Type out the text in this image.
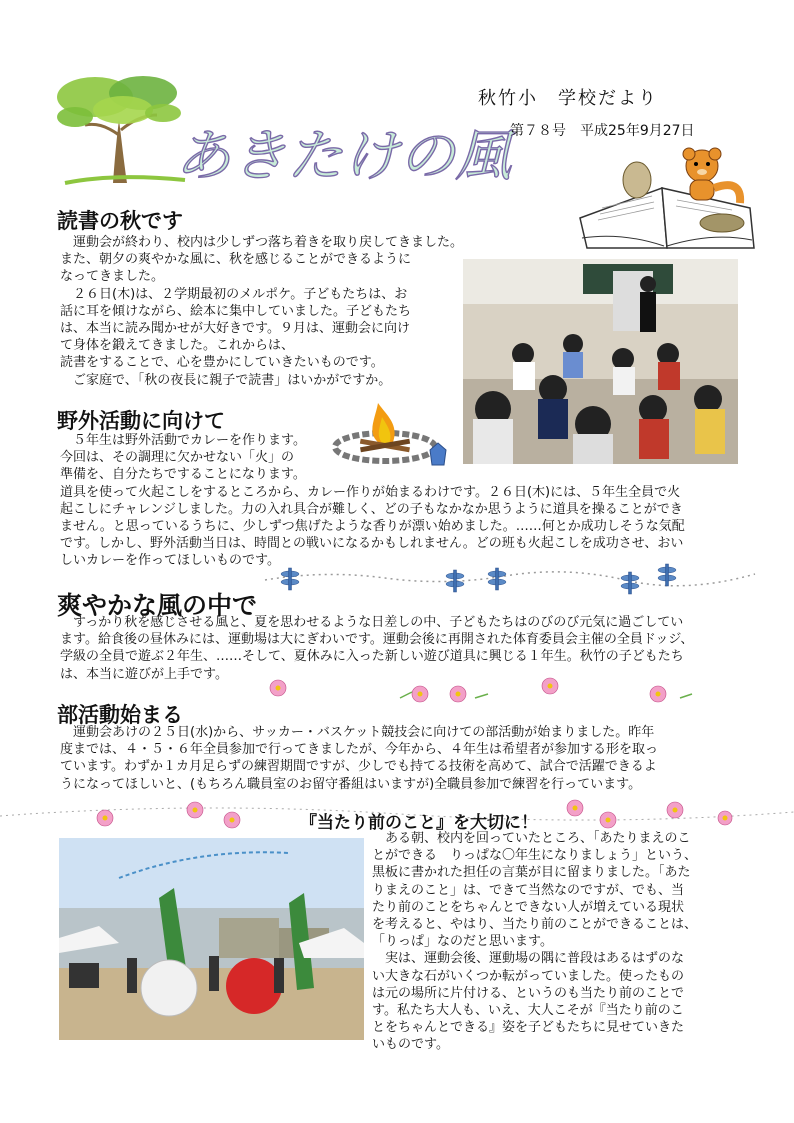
あきたけの風
秋竹小　学校だより
第７８号　平成25年9月27日
読書の秋です

　運動会が終わり、校内は少しずつ落ち着きを取り戻してきました。

また、朝夕の爽やかな風に、秋を感じることができるように

なってきました。

　２６日(木)は、２学期最初のメルポケ。子どもたちは、お

話に耳を傾けながら、絵本に集中していました。子どもたち

は、本当に読み聞かせが大好きです。９月は、運動会に向け

て身体を鍛えてきました。これからは、

読書をすることで、心を豊かにしていきたいものです。

　ご家庭で、「秋の夜長に親子で読書」はいかがですか。

野外活動に向けて

　５年生は野外活動でカレーを作ります。

今回は、その調理に欠かせない「火」の

準備を、自分たちですることになります。

道具を使って火起こしをするところから、カレー作りが始まるわけです。２６日(木)には、５年生全員で火

起こしにチャレンジしました。力の入れ具合が難しく、どの子もなかなか思うように道具を操ることができ

ません。と思っているうちに、少しずつ焦げたような香りが漂い始めました。……何とか成功しそうな気配

です。しかし、野外活動当日は、時間との戦いになるかもしれません。どの班も火起こしを成功させ、おい

しいカレーを作ってほしいものです。

爽やかな風の中で

　すっかり秋を感じさせる風と、夏を思わせるような日差しの中、子どもたちはのびのび元気に過ごしてい

ます。給食後の昼休みには、運動場は大にぎわいです。運動会後に再開された体育委員会主催の全員ドッジ、

学級の全員で遊ぶ２年生、……そして、夏休みに入った新しい遊び道具に興じる１年生。秋竹の子どもたち

は、本当に遊びが上手です。

部活動始まる

　運動会あけの２５日(水)から、サッカー・バスケット競技会に向けての部活動が始まりました。昨年

度までは、４・５・６年全員参加で行ってきましたが、今年から、４年生は希望者が参加する形を取っ

ています。わずか１カ月足らずの練習期間ですが、少しでも持てる技術を高めて、試合で活躍できるよ

うになってほしいと、(もちろん職員室のお留守番組はいますが)全職員参加で練習を行っています。

『当たり前のこと』を大切に！

　ある朝、校内を回っていたところ、「あたりまえのこ

とができる　りっぱな〇年生になりましょう」という、

黒板に書かれた担任の言葉が目に留まりました。「あた

りまえのこと」は、できて当然なのですが、でも、当

たり前のことをちゃんとできない人が増えている現状

を考えると、やはり、当たり前のことができることは、

「りっぱ」なのだと思います。

　実は、運動会後、運動場の隅に普段はあるはずのな

い大きな石がいくつか転がっていました。使ったもの

は元の場所に片付ける、というのも当たり前のことで

す。私たち大人も、いえ、大人こそが『当たり前のこ

とをちゃんとできる』姿を子どもたちに見せていきた

いものです。
